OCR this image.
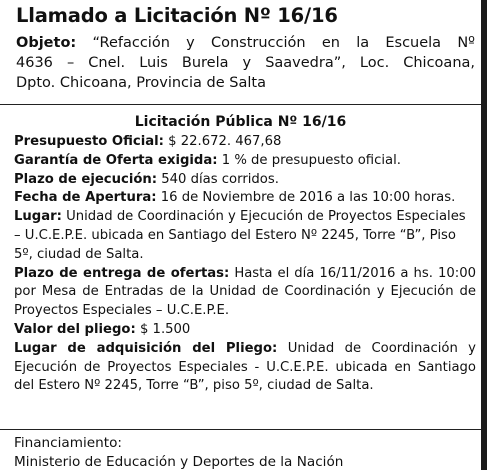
Llamado a Licitación Nº 16/16
Objeto: “Refacción y Construcción en la Escuela Nº
4636 – Cnel. Luis Burela y Saavedra”, Loc. Chicoana,
Dpto. Chicoana, Provincia de Salta
Licitación Pública Nº 16/16
Presupuesto Oficial: $ 22.672. 467,68
Garantía de Oferta exigida: 1 % de presupuesto oficial.
Plazo de ejecución: 540 días corridos.
Fecha de Apertura: 16 de Noviembre de 2016 a las 10:00 horas.
Lugar: Unidad de Coordinación y Ejecución de Proyectos Especiales
– U.C.E.P.E. ubicada en Santiago del Estero Nº 2245, Torre “B”, Piso
5º, ciudad de Salta.
Plazo de entrega de ofertas: Hasta el día 16/11/2016 a hs. 10:00
por Mesa de Entradas de la Unidad de Coordinación y Ejecución de
Proyectos Especiales – U.C.E.P.E.
Valor del pliego: $ 1.500
Lugar de adquisición del Pliego: Unidad de Coordinación y
Ejecución de Proyectos Especiales - U.C.E.P.E. ubicada en Santiago
del Estero Nº 2245, Torre “B”, piso 5º, ciudad de Salta.
Financiamiento:
Ministerio de Educación y Deportes de la Nación
